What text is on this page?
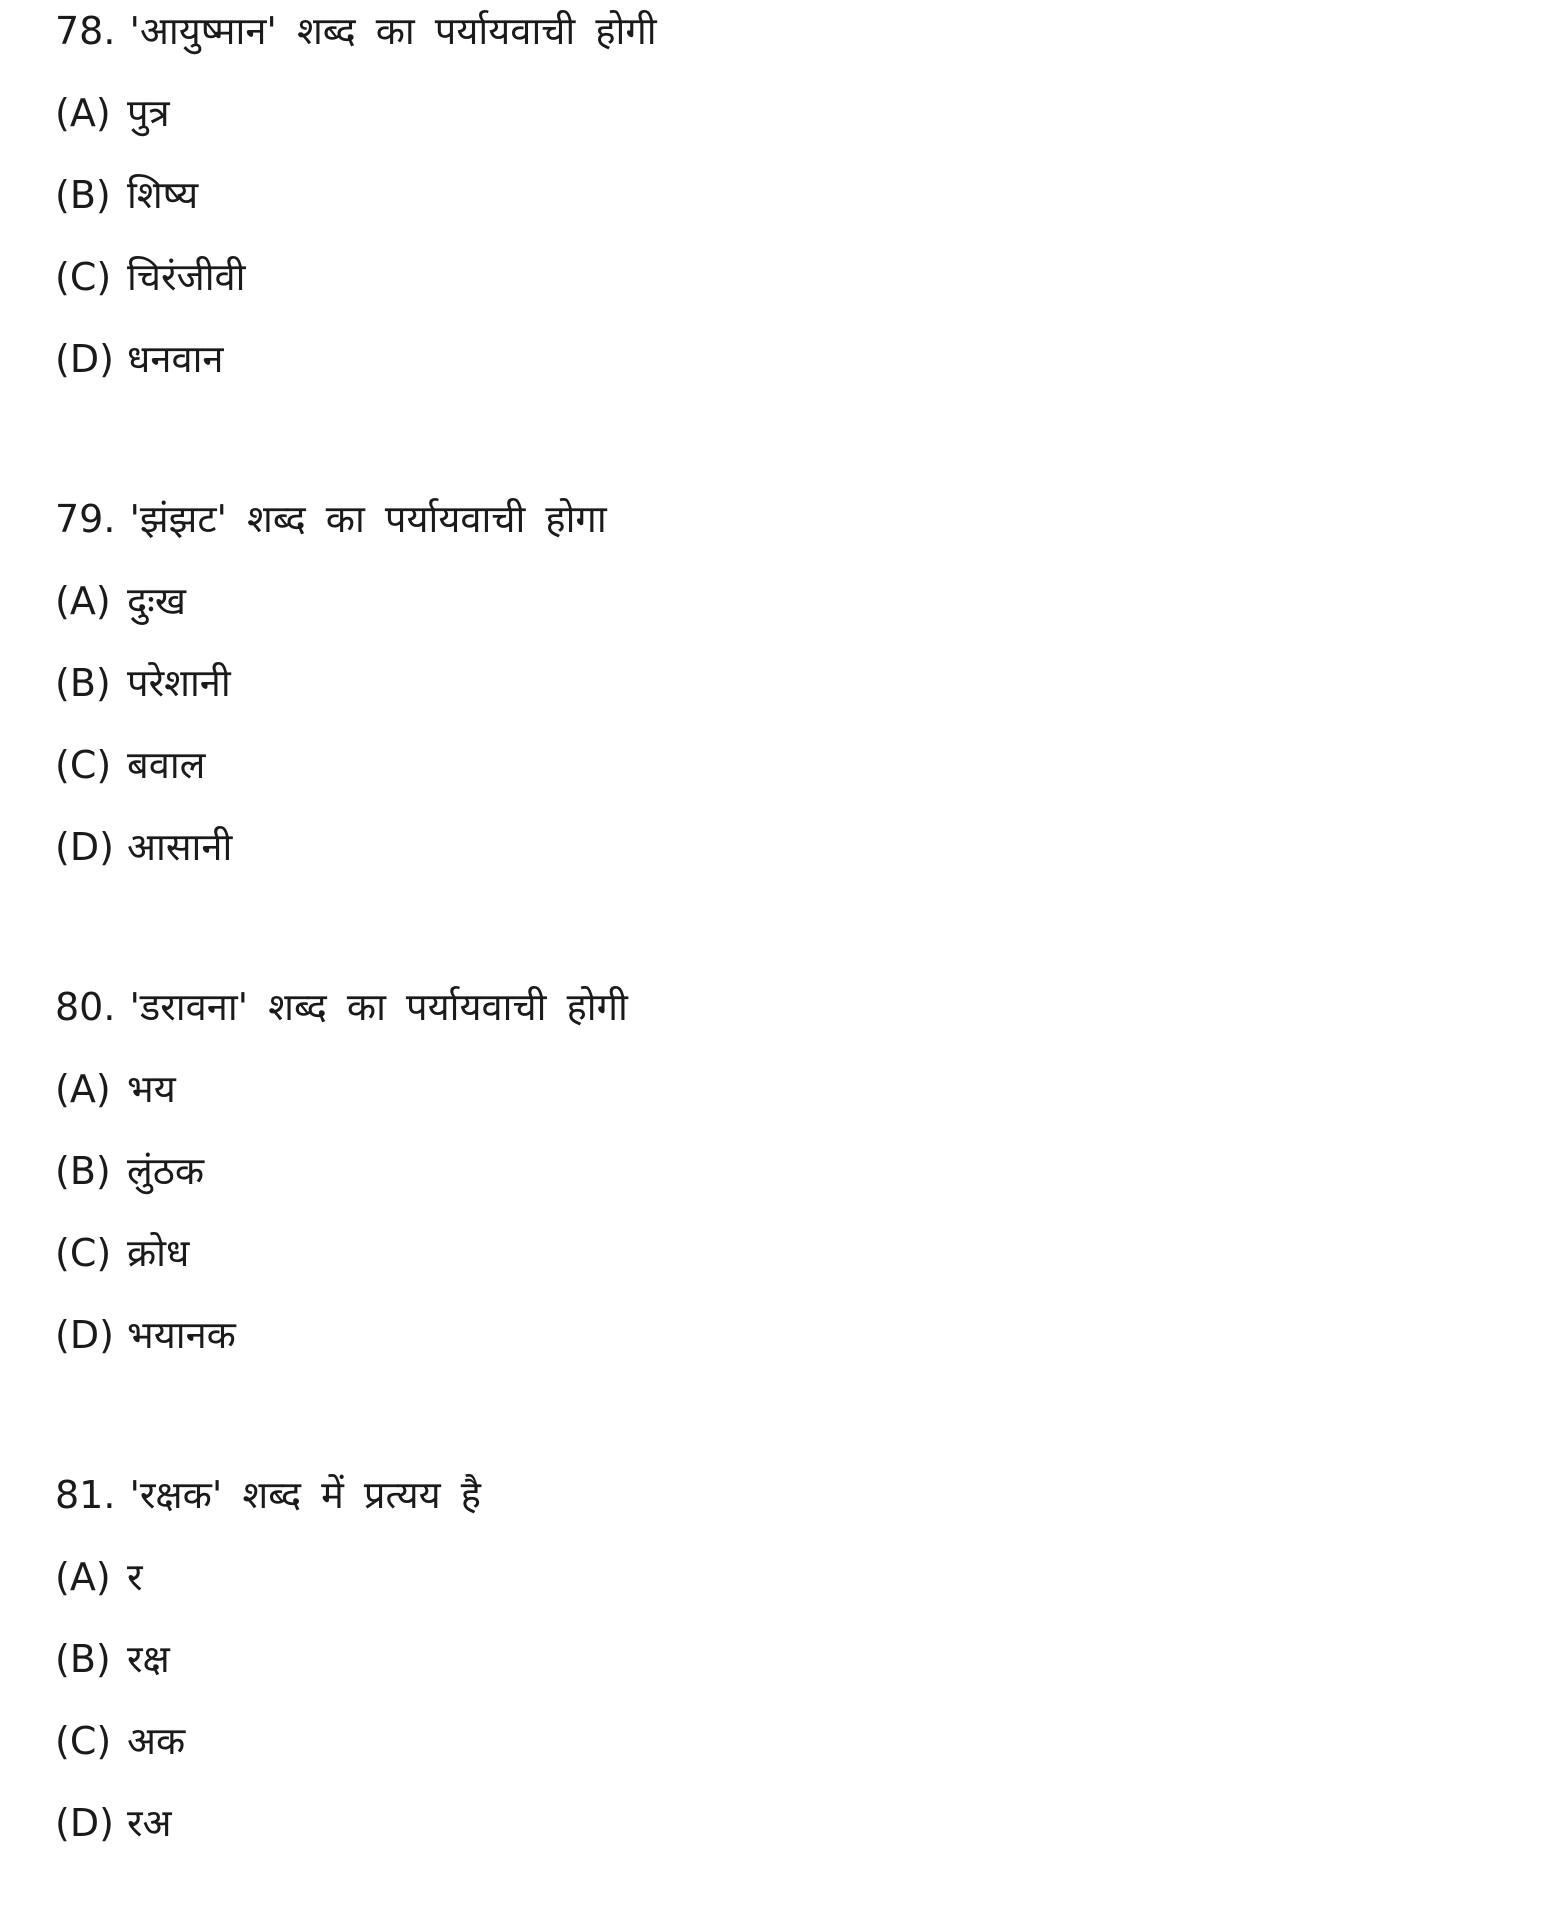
78. 'आयुष्मान' शब्द का पर्यायवाची होगी
(A) पुत्र
(B) शिष्य
(C) चिरंजीवी
(D) धनवान
79. 'झंझट' शब्द का पर्यायवाची होगा
(A) दुःख
(B) परेशानी
(C) बवाल
(D) आसानी
80. 'डरावना' शब्द का पर्यायवाची होगी
(A) भय
(B) लुंठक
(C) क्रोध
(D) भयानक
81. 'रक्षक' शब्द में प्रत्यय है
(A) र
(B) रक्ष
(C) अक
(D) रअ
